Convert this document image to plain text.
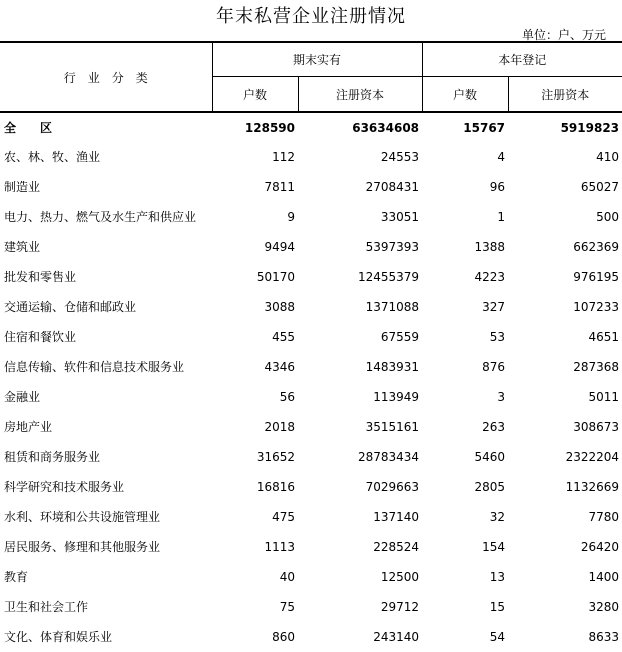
年末私营企业注册情况
单位：户、万元
行　业　分　类	期末实有		本年登记	
	户数	注册资本	户数	注册资本
全　　区	128590	63634608	15767	5919823
农、林、牧、渔业	112	24553	4	410
制造业	7811	2708431	96	65027
电力、热力、燃气及水生产和供应业	9	33051	1	500
建筑业	9494	5397393	1388	662369
批发和零售业	50170	12455379	4223	976195
交通运输、仓储和邮政业	3088	1371088	327	107233
住宿和餐饮业	455	67559	53	4651
信息传输、软件和信息技术服务业	4346	1483931	876	287368
金融业	56	113949	3	5011
房地产业	2018	3515161	263	308673
租赁和商务服务业	31652	28783434	5460	2322204
科学研究和技术服务业	16816	7029663	2805	1132669
水利、环境和公共设施管理业	475	137140	32	7780
居民服务、修理和其他服务业	1113	228524	154	26420
教育	40	12500	13	1400
卫生和社会工作	75	29712	15	3280
文化、体育和娱乐业	860	243140	54	8633
